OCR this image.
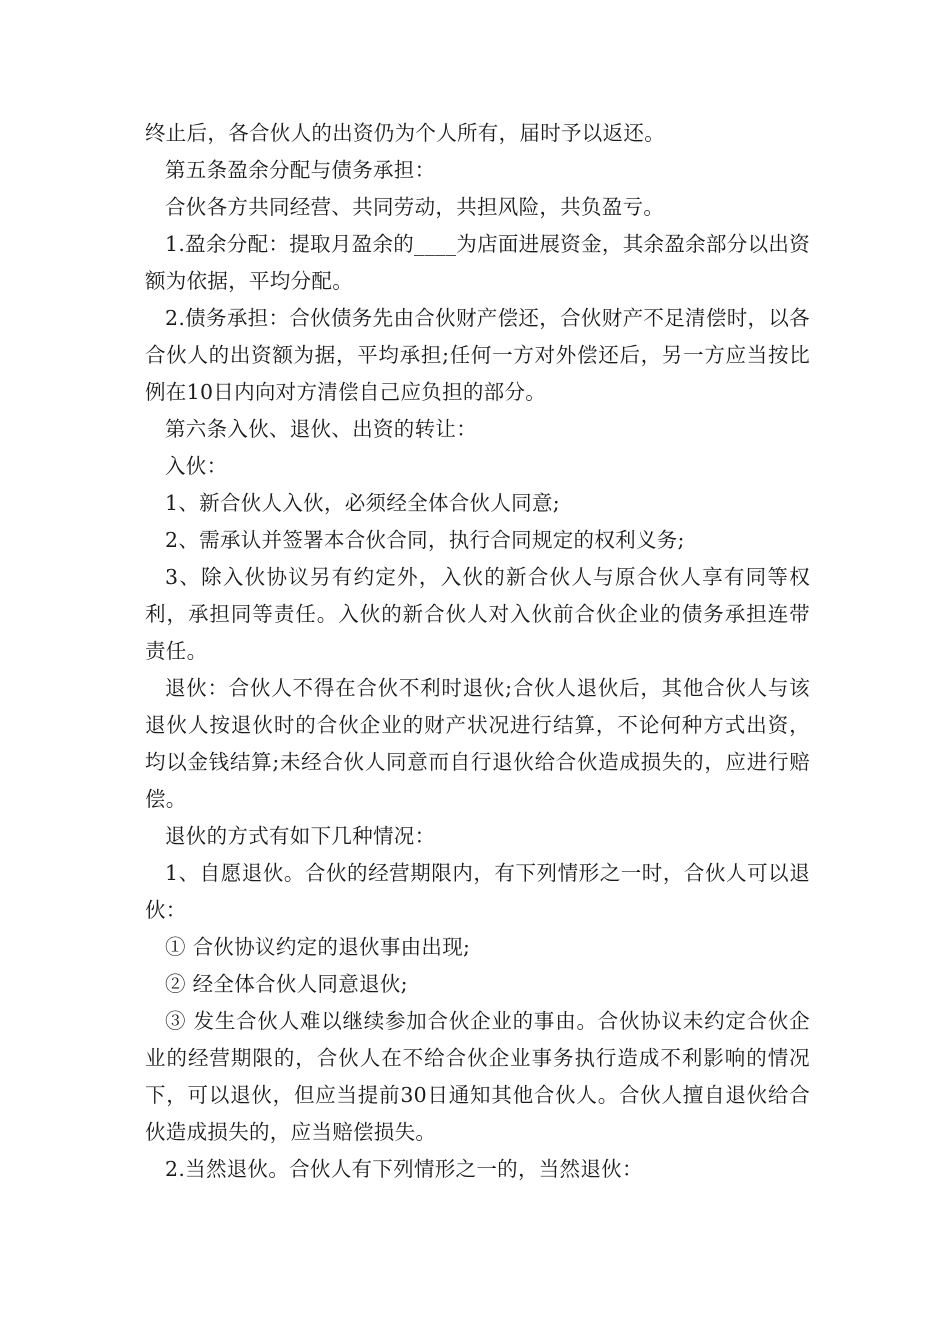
终止后，各合伙人的出资仍为个人所有，届时予以返还。

第五条盈余分配与债务承担：

合伙各方共同经营、共同劳动，共担风险，共负盈亏。

1.盈余分配：提取月盈余的____为店面进展资金，其余盈余部分以出资额为依据，平均分配。

2.债务承担：合伙债务先由合伙财产偿还，合伙财产不足清偿时，以各合伙人的出资额为据，平均承担;任何一方对外偿还后，另一方应当按比例在10日内向对方清偿自己应负担的部分。

第六条入伙、退伙、出资的转让：

入伙：

1、新合伙人入伙，必须经全体合伙人同意;

2、需承认并签署本合伙合同，执行合同规定的权利义务;

3、除入伙协议另有约定外，入伙的新合伙人与原合伙人享有同等权利，承担同等责任。入伙的新合伙人对入伙前合伙企业的债务承担连带责任。

退伙：合伙人不得在合伙不利时退伙;合伙人退伙后，其他合伙人与该退伙人按退伙时的合伙企业的财产状况进行结算，不论何种方式出资，均以金钱结算;未经合伙人同意而自行退伙给合伙造成损失的，应进行赔偿。

退伙的方式有如下几种情况：

1、自愿退伙。合伙的经营期限内，有下列情形之一时，合伙人可以退伙：

① 合伙协议约定的退伙事由出现;

② 经全体合伙人同意退伙;

③ 发生合伙人难以继续参加合伙企业的事由。合伙协议未约定合伙企业的经营期限的，合伙人在不给合伙企业事务执行造成不利影响的情况下，可以退伙，但应当提前30日通知其他合伙人。合伙人擅自退伙给合伙造成损失的，应当赔偿损失。

2.当然退伙。合伙人有下列情形之一的，当然退伙：
